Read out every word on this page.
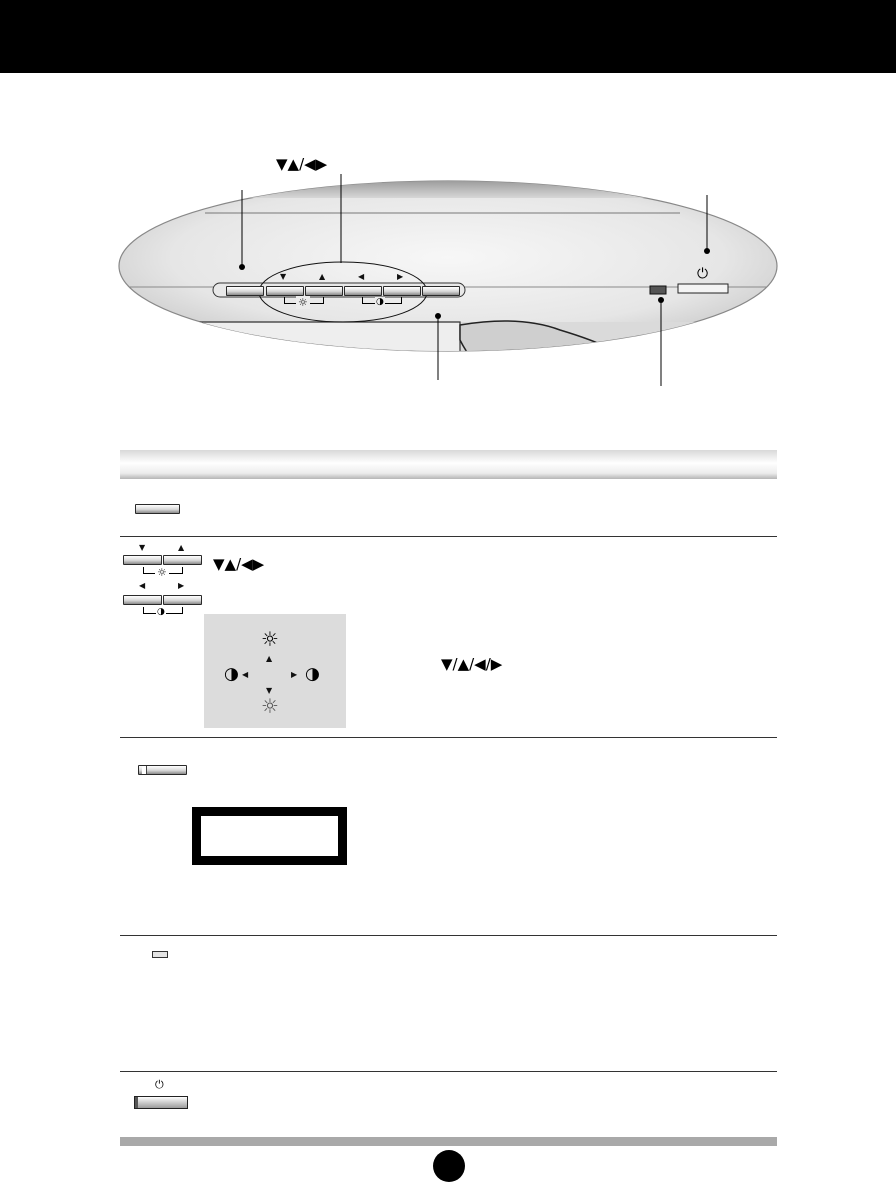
▼▲/◀▶
▼	▲	◀	▶
☼	◑
⏻
▼	▲
☼
◀	▶
◑
▼▲/◀▶
☼
▲
◑ ◀	▶ ◑
▼
☼
▼/▲/◀/▶
⏻
